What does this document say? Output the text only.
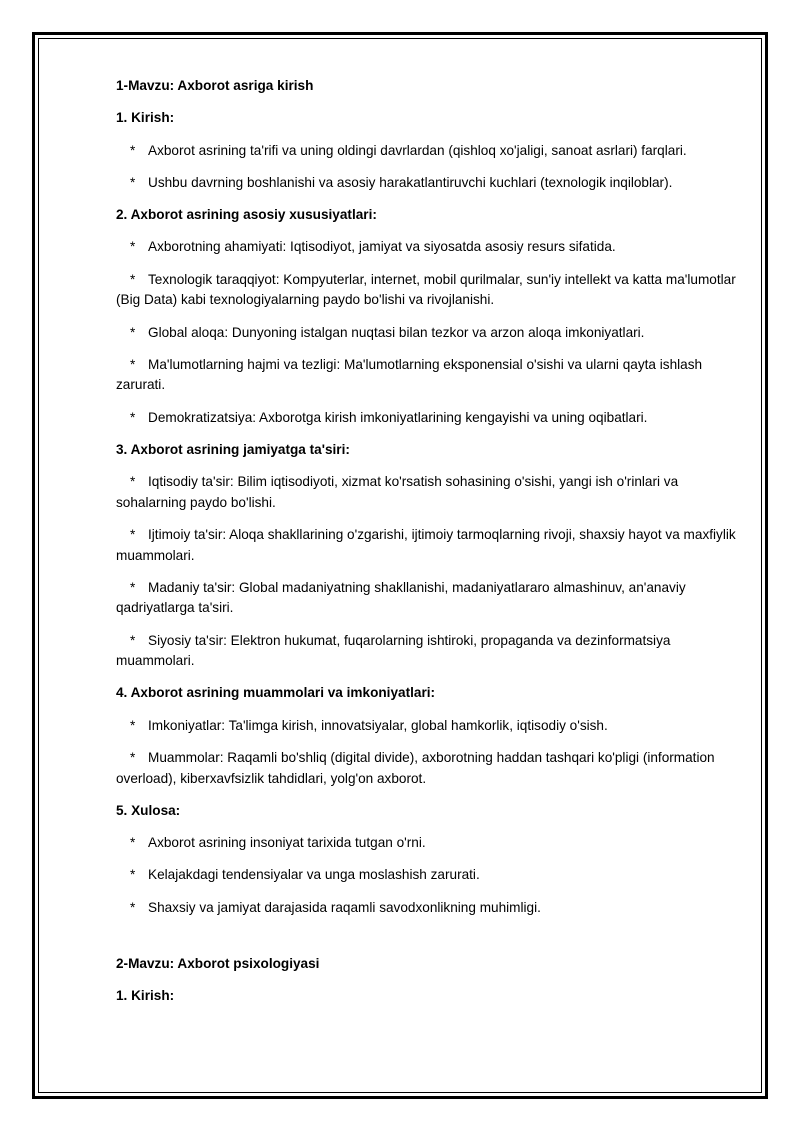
1-Mavzu: Axborot asriga kirish
1. Kirish:
* Axborot asrining ta'rifi va uning oldingi davrlardan (qishloq xo'jaligi, sanoat asrlari) farqlari.
* Ushbu davrning boshlanishi va asosiy harakatlantiruvchi kuchlari (texnologik inqiloblar).
2. Axborot asrining asosiy xususiyatlari:
* Axborotning ahamiyati: Iqtisodiyot, jamiyat va siyosatda asosiy resurs sifatida.
* Texnologik taraqqiyot: Kompyuterlar, internet, mobil qurilmalar, sun'iy intellekt va katta ma'lumotlar (Big Data) kabi texnologiyalarning paydo bo'lishi va rivojlanishi.
* Global aloqa: Dunyoning istalgan nuqtasi bilan tezkor va arzon aloqa imkoniyatlari.
* Ma'lumotlarning hajmi va tezligi: Ma'lumotlarning eksponensial o'sishi va ularni qayta ishlash zarurati.
* Demokratizatsiya: Axborotga kirish imkoniyatlarining kengayishi va uning oqibatlari.
3. Axborot asrining jamiyatga ta'siri:
* Iqtisodiy ta'sir: Bilim iqtisodiyoti, xizmat ko'rsatish sohasining o'sishi, yangi ish o'rinlari va sohalarning paydo bo'lishi.
* Ijtimoiy ta'sir: Aloqa shakllarining o'zgarishi, ijtimoiy tarmoqlarning rivoji, shaxsiy hayot va maxfiylik muammolari.
* Madaniy ta'sir: Global madaniyatning shakllanishi, madaniyatlararo almashinuv, an'anaviy qadriyatlarga ta'siri.
* Siyosiy ta'sir: Elektron hukumat, fuqarolarning ishtiroki, propaganda va dezinformatsiya muammolari.
4. Axborot asrining muammolari va imkoniyatlari:
* Imkoniyatlar: Ta'limga kirish, innovatsiyalar, global hamkorlik, iqtisodiy o'sish.
* Muammolar: Raqamli bo'shliq (digital divide), axborotning haddan tashqari ko'pligi (information overload), kiberxavfsizlik tahdidlari, yolg'on axborot.
5. Xulosa:
* Axborot asrining insoniyat tarixida tutgan o'rni.
* Kelajakdagi tendensiyalar va unga moslashish zarurati.
* Shaxsiy va jamiyat darajasida raqamli savodxonlikning muhimligi.
2-Mavzu: Axborot psixologiyasi
1. Kirish:
